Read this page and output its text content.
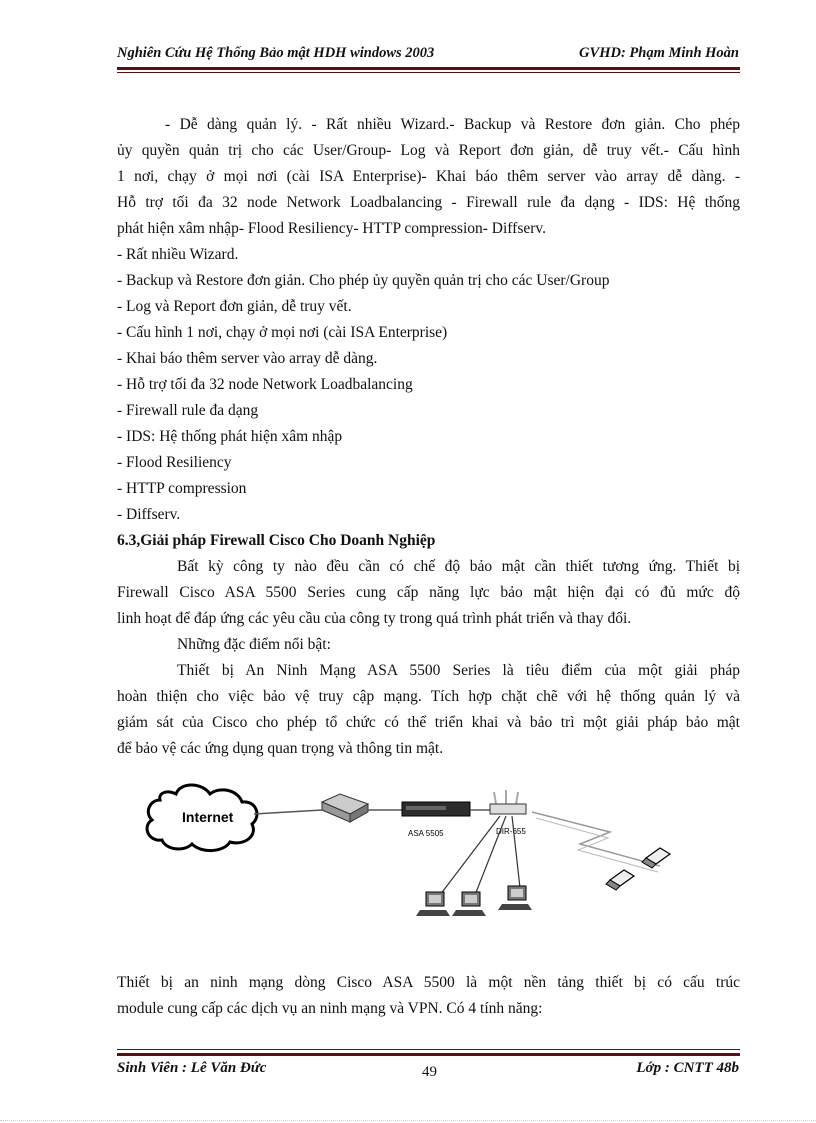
Nghiên Cứu Hệ Thống Bảo mật HDH windows 2003	GVHD: Phạm Minh Hoàn
- Dễ dàng quản lý. - Rất nhiều Wizard.- Backup và Restore đơn giản. Cho phép
ủy quyền quản trị cho các User/Group- Log và Report đơn giản, dễ truy vết.- Cấu hình
1 nơi, chạy ở mọi nơi (cài ISA Enterprise)- Khai báo thêm server vào array dễ dàng. -
Hỗ trợ tối đa 32 node Network Loadbalancing - Firewall rule đa dạng - IDS: Hệ thống
phát hiện xâm nhập- Flood Resiliency- HTTP compression- Diffserv.
- Rất nhiều Wizard.
- Backup và Restore đơn giản. Cho phép ủy quyền quản trị cho các User/Group
- Log và Report đơn giản, dễ truy vết.
- Cấu hình 1 nơi, chạy ở mọi nơi (cài ISA Enterprise)
- Khai báo thêm server vào array dễ dàng.
- Hỗ trợ tối đa 32 node Network Loadbalancing
- Firewall rule đa dạng
- IDS: Hệ thống phát hiện xâm nhập
- Flood Resiliency
- HTTP compression
- Diffserv.
6.3,Giải pháp Firewall Cisco Cho Doanh Nghiệp
Bất kỳ công ty nào đều cần có chế độ bảo mật cần thiết tương ứng. Thiết bị
Firewall Cisco ASA 5500 Series cung cấp năng lực bảo mật hiện đại có đủ mức độ
linh hoạt để đáp ứng các yêu cầu của công ty trong quá trình phát triển và thay đổi.
Những đặc điểm nổi bật:
Thiết bị An Ninh Mạng ASA 5500 Series là tiêu điểm của một giải pháp
hoàn thiện cho việc bảo vệ truy cập mạng. Tích hợp chặt chẽ với hệ thống quản lý và
giám sát của Cisco cho phép tổ chức có thể triển khai và bảo trì một giải pháp bảo mật
để bảo vệ các ứng dụng quan trọng và thông tin mật.
Internet
ASA 5505	DIR-655
Thiết bị an ninh mạng dòng Cisco ASA 5500 là một nền tảng thiết bị có cấu trúc
module cung cấp các dịch vụ an ninh mạng và VPN. Có 4 tính năng:
Sinh Viên : Lê Văn Đức	49	Lớp : CNTT 48b
